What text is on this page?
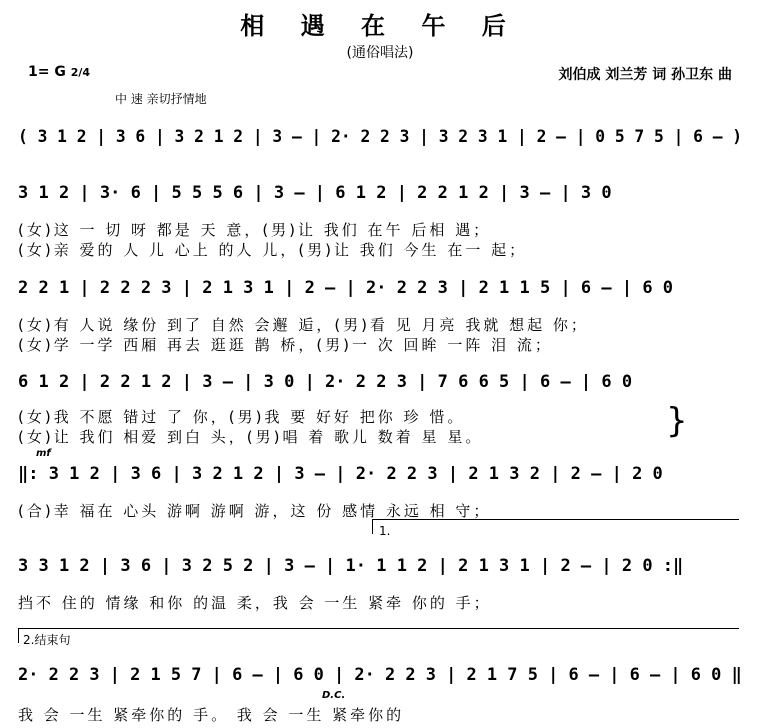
相 遇 在 午 后
(通俗唱法)
1= G 2/4	刘伯成 刘兰芳 词 孙卫东 曲
中 速 亲切抒情地
( 3 1 2 | 3 6 | 3 2 1 2 | 3 – | 2· 2 2 3 | 3 2 3 1 | 2 – | 0 5 7 5 | 6 – )
3 1 2 | 3· 6 | 5 5 5 6 | 3 – | 6 1 2 | 2 2 1 2 | 3 – | 3 0
(女)这 一 切 呀 都是 天 意，(男)让 我们 在午 后相 遇；
(女)亲 爱的 人 儿 心上 的人 儿，(男)让 我们 今生 在一 起；
2 2 1 | 2 2 2 3 | 2 1 3 1 | 2 – | 2· 2 2 3 | 2 1 1 5 | 6 – | 6 0
(女)有 人说 缘份 到了 自然 会邂 逅，(男)看 见 月亮 我就 想起 你；
(女)学 一学 西厢 再去 逛逛 鹊 桥，(男)一 次 回眸 一阵 泪 流；
6 1 2 | 2 2 1 2 | 3 – | 3 0 | 2· 2 2 3 | 7 6 6 5 | 6 – | 6 0
(女)我 不愿 错过 了 你，(男)我 要 好好 把你 珍 惜。
(女)让 我们 相爱 到白 头，(男)唱 着 歌儿 数着 星 星。	}
mf
‖: 3 1 2 | 3 6 | 3 2 1 2 | 3 – | 2· 2 2 3 | 2 1 3 2 | 2 – | 2 0
(合)幸 福在 心头 游啊 游啊 游，这 份 感情 永远 相 守；
1.
3 3 1 2 | 3 6 | 3 2 5 2 | 3 – | 1· 1 1 2 | 2 1 3 1 | 2 – | 2 0 :‖
挡不 住的 情缘 和你 的温 柔，我 会 一生 紧牵 你的 手；
2.结束句
2· 2 2 3 | 2 1 5 7 | 6 – | 6 0 | 2· 2 2 3 | 2 1 7 5 | 6 – | 6 – | 6 0 ‖
D.C.
我 会 一生 紧牵你的 手。 我 会 一生 紧牵你的
